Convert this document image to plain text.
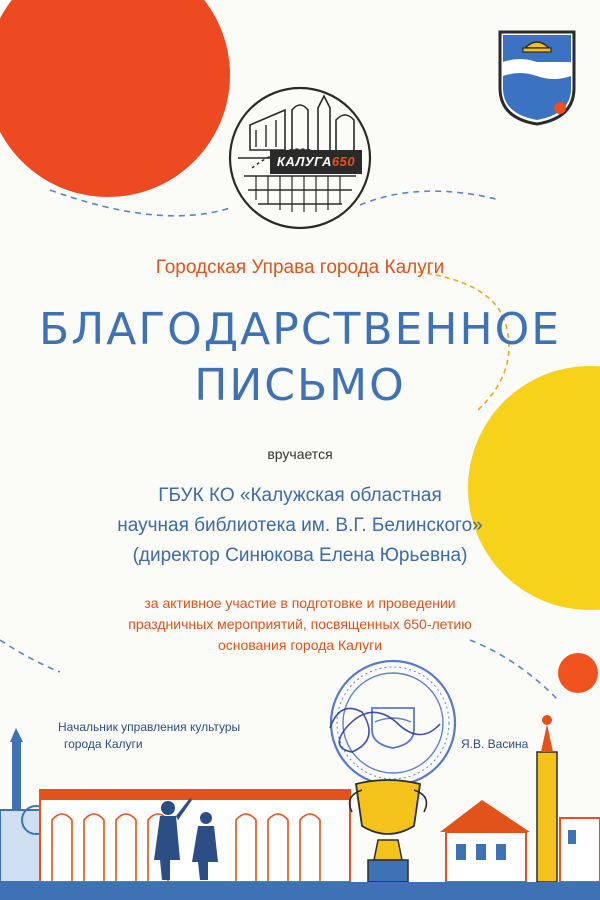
КАЛУГА650

Городская Управа города Калуги

БЛАГОДАРСТВЕННОЕ
ПИСЬМО

вручается

ГБУК КО «Калужская областная
научная библиотека им. В.Г. Белинского»
(директор Синюкова Елена Юрьевна)

за активное участие в подготовке и проведении
праздничных мероприятий, посвященных 650-летию
основания города Калуги

Начальник управления культуры
города Калуги	Я.В. Васина
